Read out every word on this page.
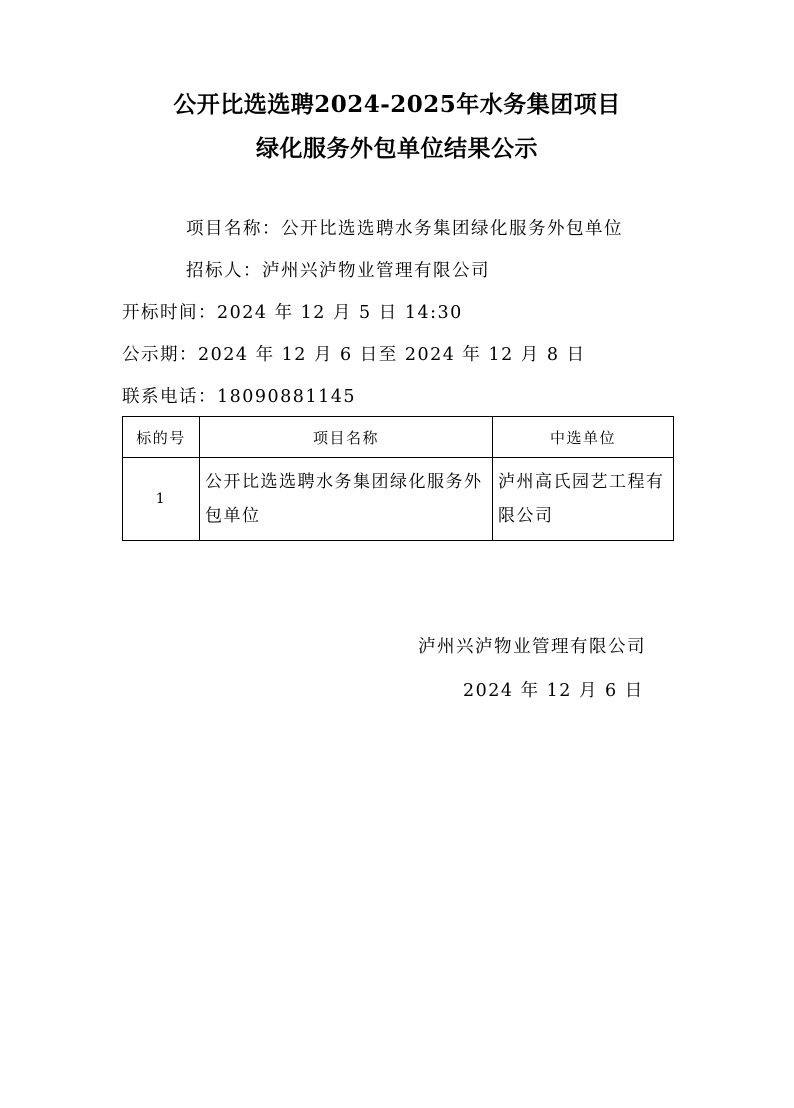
公开比选选聘2024-2025年水务集团项目
绿化服务外包单位结果公示
项目名称：公开比选选聘水务集团绿化服务外包单位
招标人：泸州兴泸物业管理有限公司
开标时间：2024 年 12 月 5 日 14:30
公示期：2024 年 12 月 6 日至 2024 年 12 月 8 日
联系电话：18090881145
标的号	项目名称	中选单位
1	公开比选选聘水务集团绿化服务外包单位	泸州高氏园艺工程有限公司
泸州兴泸物业管理有限公司
2024 年 12 月 6 日
